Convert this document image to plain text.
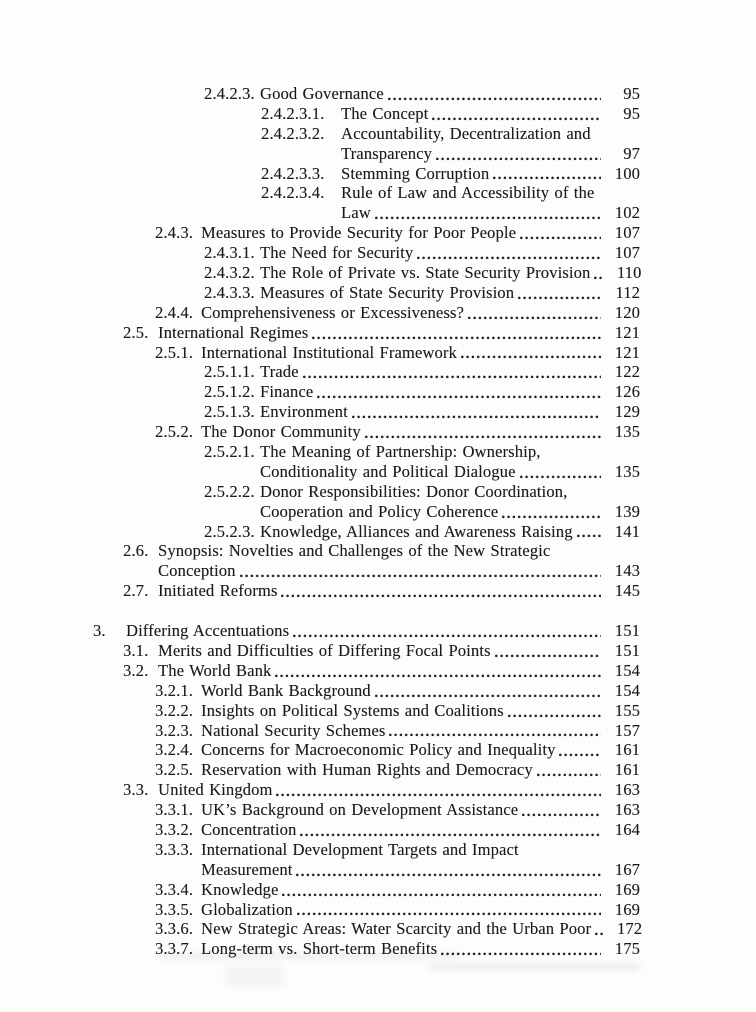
2.4.2.3. Good Governance	95
2.4.2.3.1.	The Concept	95
2.4.2.3.2.	Accountability, Decentralization and
Transparency	97
2.4.2.3.3.	Stemming Corruption	100
2.4.2.3.4.	Rule of Law and Accessibility of the
Law	102
2.4.3. Measures to Provide Security for Poor People	107
2.4.3.1. The Need for Security	107
2.4.3.2. The Role of Private vs. State Security Provision	110
2.4.3.3. Measures of State Security Provision	112
2.4.4. Comprehensiveness or Excessiveness?	120
2.5. International Regimes	121
2.5.1. International Institutional Framework	121
2.5.1.1. Trade	122
2.5.1.2. Finance	126
2.5.1.3. Environment	129
2.5.2. The Donor Community	135
2.5.2.1. The Meaning of Partnership: Ownership,
Conditionality and Political Dialogue	135
2.5.2.2. Donor Responsibilities: Donor Coordination,
Cooperation and Policy Coherence	139
2.5.2.3. Knowledge, Alliances and Awareness Raising	141
2.6. Synopsis: Novelties and Challenges of the New Strategic
Conception	143
2.7. Initiated Reforms	145
3.	Differing Accentuations	151
3.1. Merits and Difficulties of Differing Focal Points	151
3.2. The World Bank	154
3.2.1. World Bank Background	154
3.2.2. Insights on Political Systems and Coalitions	155
3.2.3. National Security Schemes	157
3.2.4. Concerns for Macroeconomic Policy and Inequality	161
3.2.5. Reservation with Human Rights and Democracy	161
3.3. United Kingdom	163
3.3.1. UK’s Background on Development Assistance	163
3.3.2. Concentration	164
3.3.3. International Development Targets and Impact
Measurement	167
3.3.4. Knowledge	169
3.3.5. Globalization	169
3.3.6. New Strategic Areas: Water Scarcity and the Urban Poor	172
3.3.7. Long-term vs. Short-term Benefits	175
